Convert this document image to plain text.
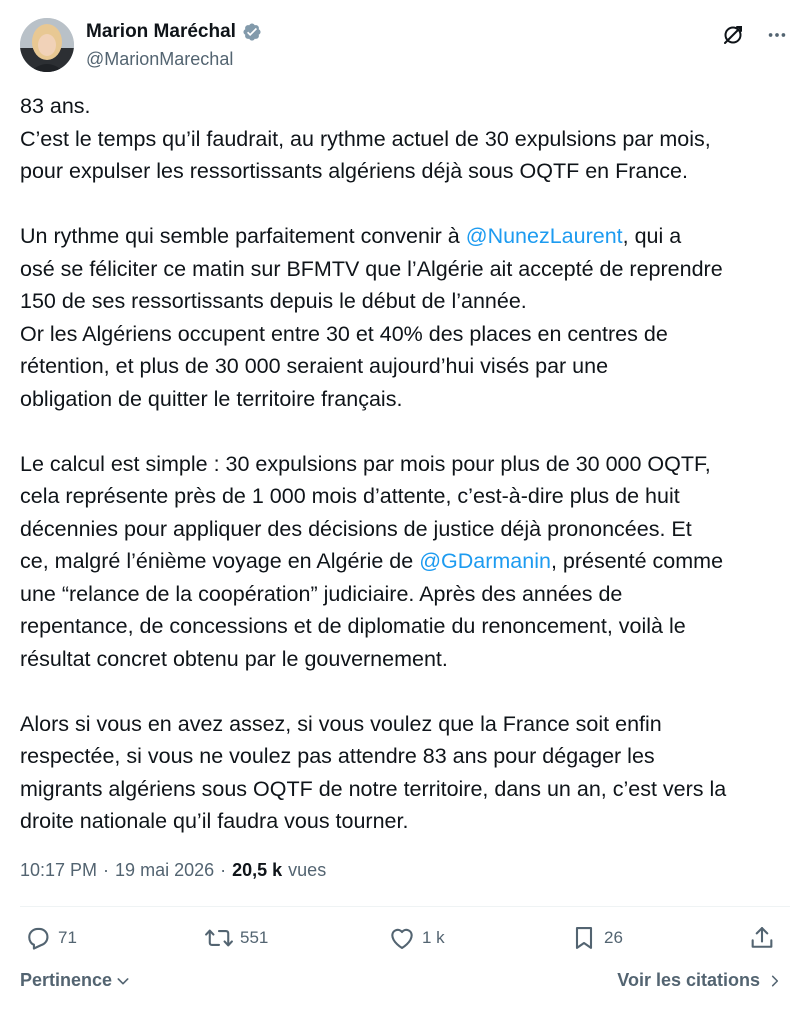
Marion Maréchal
@MarionMarechal
83 ans.
C’est le temps qu’il faudrait, au rythme actuel de 30 expulsions par mois,
pour expulser les ressortissants algériens déjà sous OQTF en France.
Un rythme qui semble parfaitement convenir à @NunezLaurent, qui a
osé se féliciter ce matin sur BFMTV que l’Algérie ait accepté de reprendre
150 de ses ressortissants depuis le début de l’année.
Or les Algériens occupent entre 30 et 40% des places en centres de
rétention, et plus de 30 000 seraient aujourd’hui visés par une
obligation de quitter le territoire français.
Le calcul est simple : 30 expulsions par mois pour plus de 30 000 OQTF,
cela représente près de 1 000 mois d’attente, c’est-à-dire plus de huit
décennies pour appliquer des décisions de justice déjà prononcées. Et
ce, malgré l’énième voyage en Algérie de @GDarmanin, présenté comme
une “relance de la coopération” judiciaire. Après des années de
repentance, de concessions et de diplomatie du renoncement, voilà le
résultat concret obtenu par le gouvernement.
Alors si vous en avez assez, si vous voulez que la France soit enfin
respectée, si vous ne voulez pas attendre 83 ans pour dégager les
migrants algériens sous OQTF de notre territoire, dans un an, c’est vers la
droite nationale qu’il faudra vous tourner.
10:17 PM · 19 mai 2026 · 20,5 k vues
71	551	1 k	26
Pertinence	Voir les citations
